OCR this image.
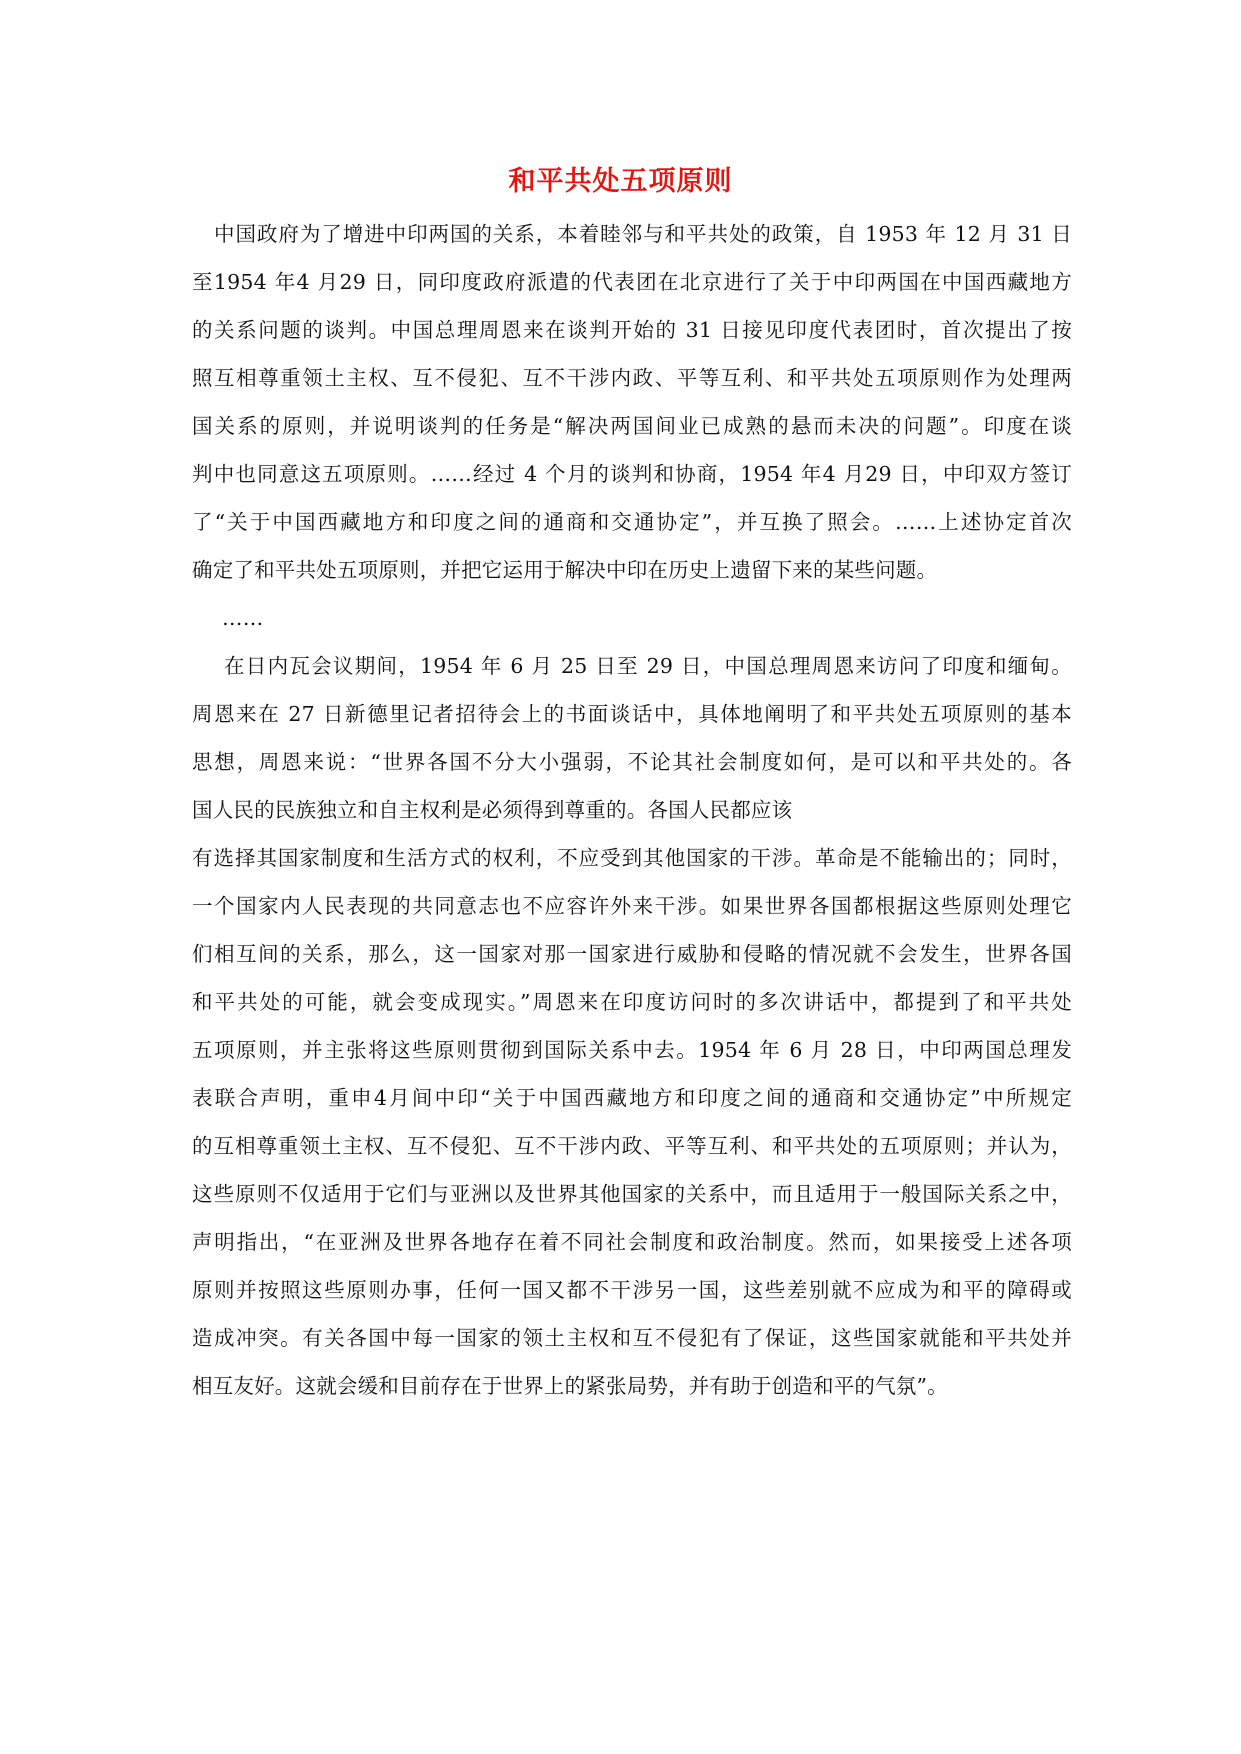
和平共处五项原则
中国政府为了增进中印两国的关系，本着睦邻与和平共处的政策，自 1953 年 12 月 31 日
至1954 年4 月29 日，同印度政府派遣的代表团在北京进行了关于中印两国在中国西藏地方
的关系问题的谈判。中国总理周恩来在谈判开始的 31 日接见印度代表团时，首次提出了按
照互相尊重领土主权、互不侵犯、互不干涉内政、平等互利、和平共处五项原则作为处理两
国关系的原则，并说明谈判的任务是“解决两国间业已成熟的悬而未决的问题”。印度在谈
判中也同意这五项原则。……经过 4 个月的谈判和协商，1954 年4 月29 日，中印双方签订
了“关于中国西藏地方和印度之间的通商和交通协定”，并互换了照会。……上述协定首次
确定了和平共处五项原则，并把它运用于解决中印在历史上遗留下来的某些问题。
……
在日内瓦会议期间，1954 年 6 月 25 日至 29 日，中国总理周恩来访问了印度和缅甸。
周恩来在 27 日新德里记者招待会上的书面谈话中，具体地阐明了和平共处五项原则的基本
思想，周恩来说：“世界各国不分大小强弱，不论其社会制度如何，是可以和平共处的。各
国人民的民族独立和自主权利是必须得到尊重的。各国人民都应该
有选择其国家制度和生活方式的权利，不应受到其他国家的干涉。革命是不能输出的；同时，
一个国家内人民表现的共同意志也不应容许外来干涉。如果世界各国都根据这些原则处理它
们相互间的关系，那么，这一国家对那一国家进行威胁和侵略的情况就不会发生，世界各国
和平共处的可能，就会变成现实。”周恩来在印度访问时的多次讲话中，都提到了和平共处
五项原则，并主张将这些原则贯彻到国际关系中去。1954 年 6 月 28 日，中印两国总理发
表联合声明，重申4月间中印“关于中国西藏地方和印度之间的通商和交通协定”中所规定
的互相尊重领土主权、互不侵犯、互不干涉内政、平等互利、和平共处的五项原则；并认为，
这些原则不仅适用于它们与亚洲以及世界其他国家的关系中，而且适用于一般国际关系之中，
声明指出，“在亚洲及世界各地存在着不同社会制度和政治制度。然而，如果接受上述各项
原则并按照这些原则办事，任何一国又都不干涉另一国，这些差别就不应成为和平的障碍或
造成冲突。有关各国中每一国家的领土主权和互不侵犯有了保证，这些国家就能和平共处并
相互友好。这就会缓和目前存在于世界上的紧张局势，并有助于创造和平的气氛”。
